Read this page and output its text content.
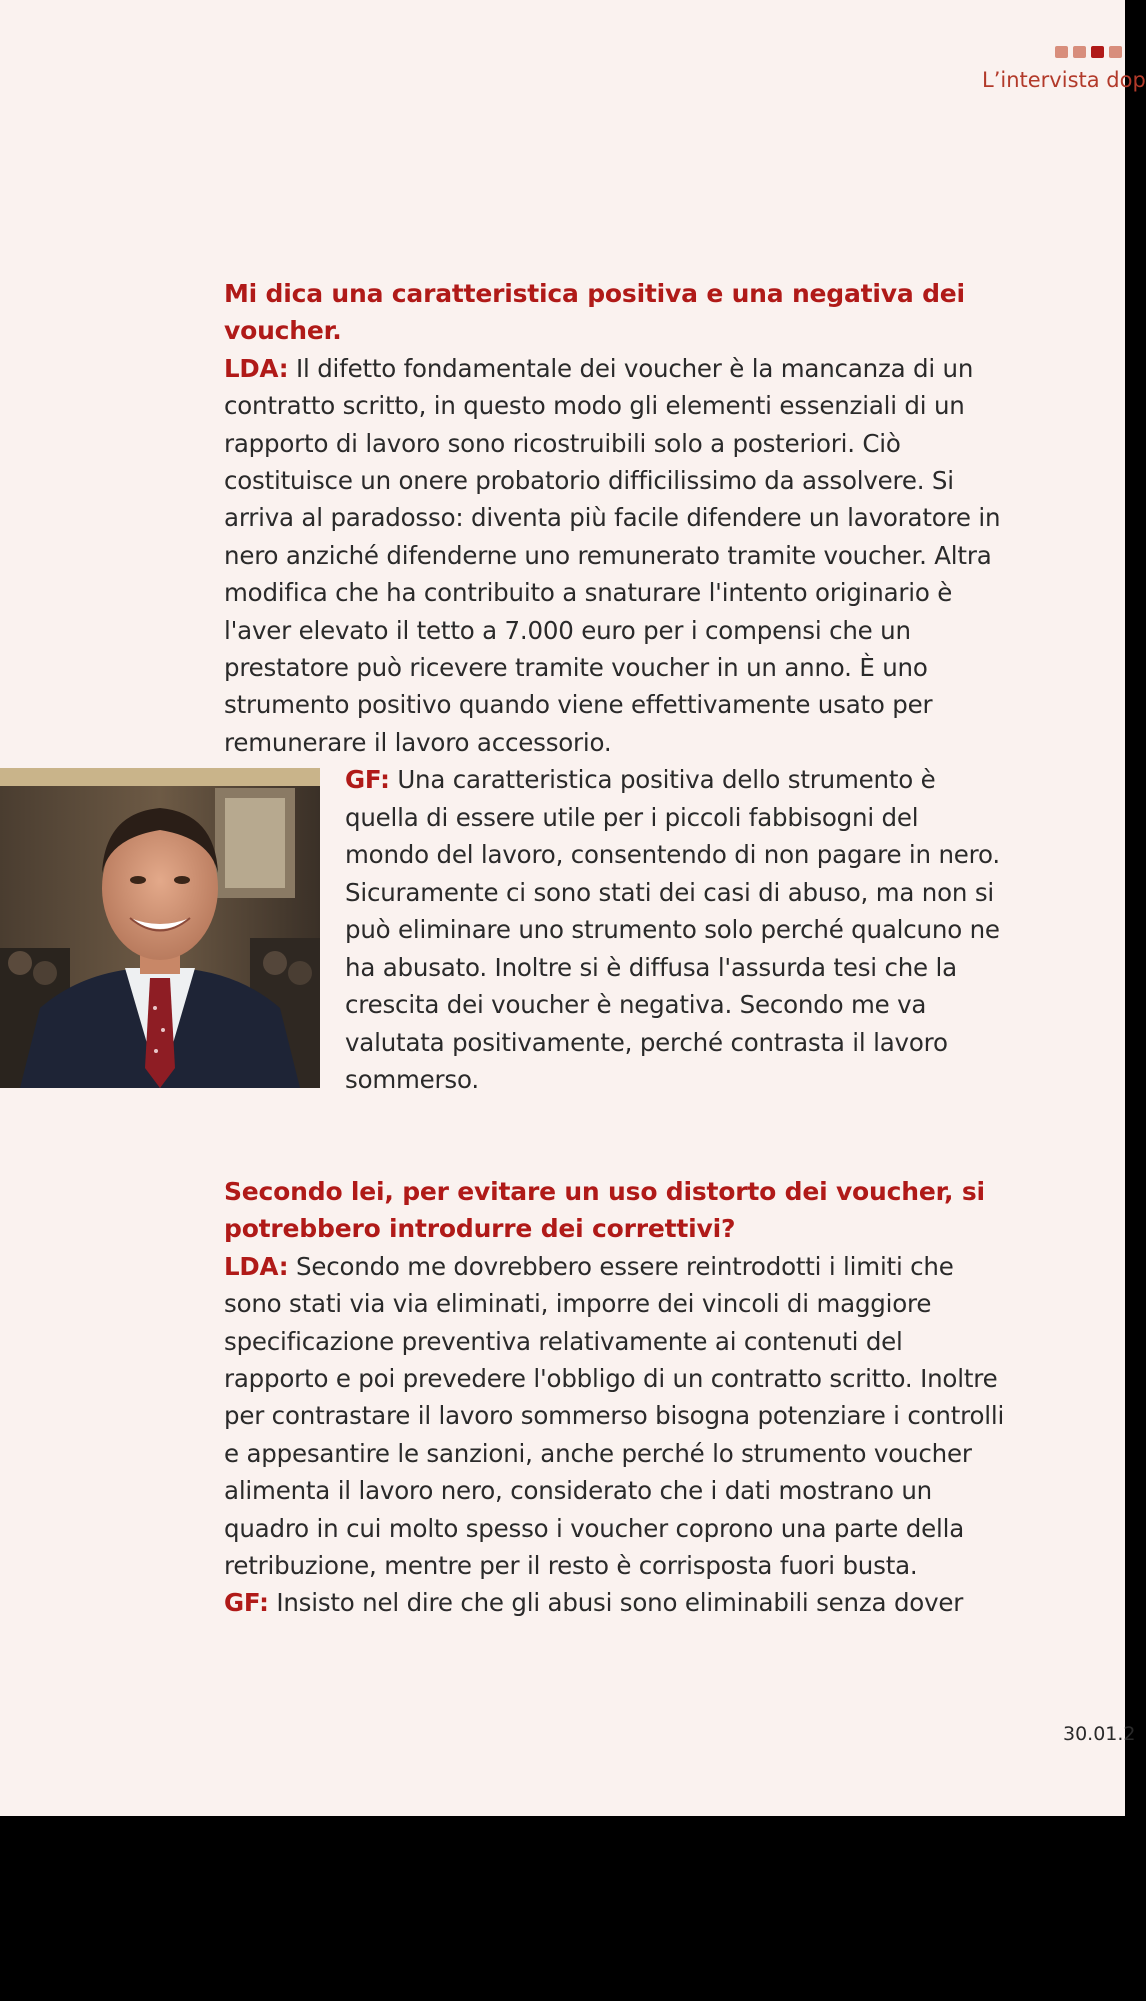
L’intervista dop

Mi dica una caratteristica positiva e una negativa dei voucher.

LDA: Il difetto fondamentale dei voucher è la mancanza di un contratto scritto, in questo modo gli elementi essenziali di un rapporto di lavoro sono ricostruibili solo a posteriori. Ciò costituisce un onere probatorio difficilissimo da assolvere. Si arriva al paradosso: diventa più facile difendere un lavoratore in nero anziché difenderne uno remunerato tramite voucher. Altra modifica che ha contribuito a snaturare l'intento originario è l'aver elevato il tetto a 7.000 euro per i compensi che un prestatore può ricevere tramite voucher in un anno. È uno strumento positivo quando viene effettivamente usato per remunerare il lavoro accessorio.

GF: Una caratteristica positiva dello strumento è quella di essere utile per i piccoli fabbisogni del mondo del lavoro, consentendo di non pagare in nero. Sicuramente ci sono stati dei casi di abuso, ma non si può eliminare uno strumento solo perché qualcuno ne ha abusato. Inoltre si è diffusa l'assurda tesi che la crescita dei voucher è negativa. Secondo me va valutata positivamente, perché contrasta il lavoro sommerso.

Secondo lei, per evitare un uso distorto dei voucher, si potrebbero introdurre dei correttivi?

LDA: Secondo me dovrebbero essere reintrodotti i limiti che sono stati via via eliminati, imporre dei vincoli di maggiore specificazione preventiva relativamente ai contenuti del rapporto e poi prevedere l'obbligo di un contratto scritto. Inoltre per contrastare il lavoro sommerso bisogna potenziare i controlli e appesantire le sanzioni, anche perché lo strumento voucher alimenta il lavoro nero, considerato che i dati mostrano un quadro in cui molto spesso i voucher coprono una parte della retribuzione, mentre per il resto è corrisposta fuori busta.

GF: Insisto nel dire che gli abusi sono eliminabili senza dover

30.01.2
